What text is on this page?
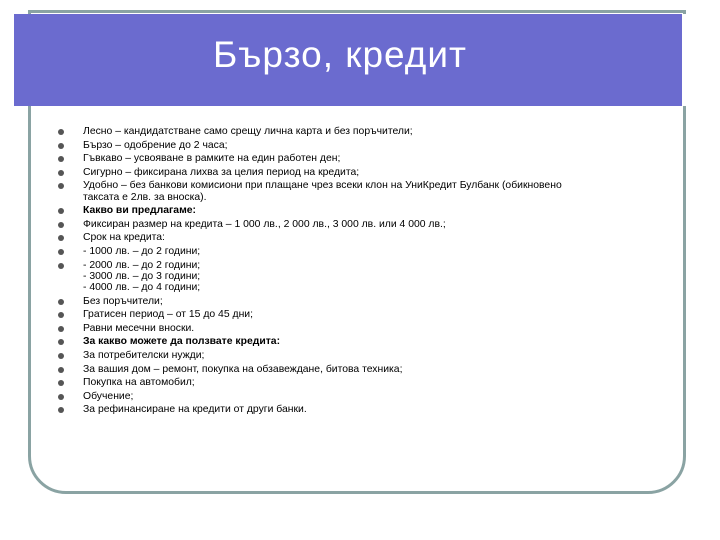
Бързо, кредит
Лесно – кандидатстване само срещу лична карта и без поръчители;
Бързо – одобрение до 2 часа;
Гъвкаво – усвояване в рамките на един работен ден;
Сигурно – фиксирана лихва за целия период на кредита;
Удобно – без банкови комисиони при плащане чрез всеки клон на УниКредит Булбанк (обикновено
таксата е 2лв. за вноска).
Какво ви предлагаме:
Фиксиран размер на кредита – 1 000 лв., 2 000 лв., 3 000 лв. или 4 000 лв.;
Срок на кредита:
- 1000 лв. – до 2 години;
- 2000 лв. – до 2 години;
- 3000 лв. – до 3 години;
- 4000 лв. – до 4 години;
Без поръчители;
Гратисен период – от 15 до 45 дни;
Равни месечни вноски.
За какво можете да ползвате кредита:
За потребителски нужди;
За вашия дом – ремонт, покупка на обзавеждане, битова техника;
Покупка на автомобил;
Обучение;
За рефинансиране на кредити от други банки.
